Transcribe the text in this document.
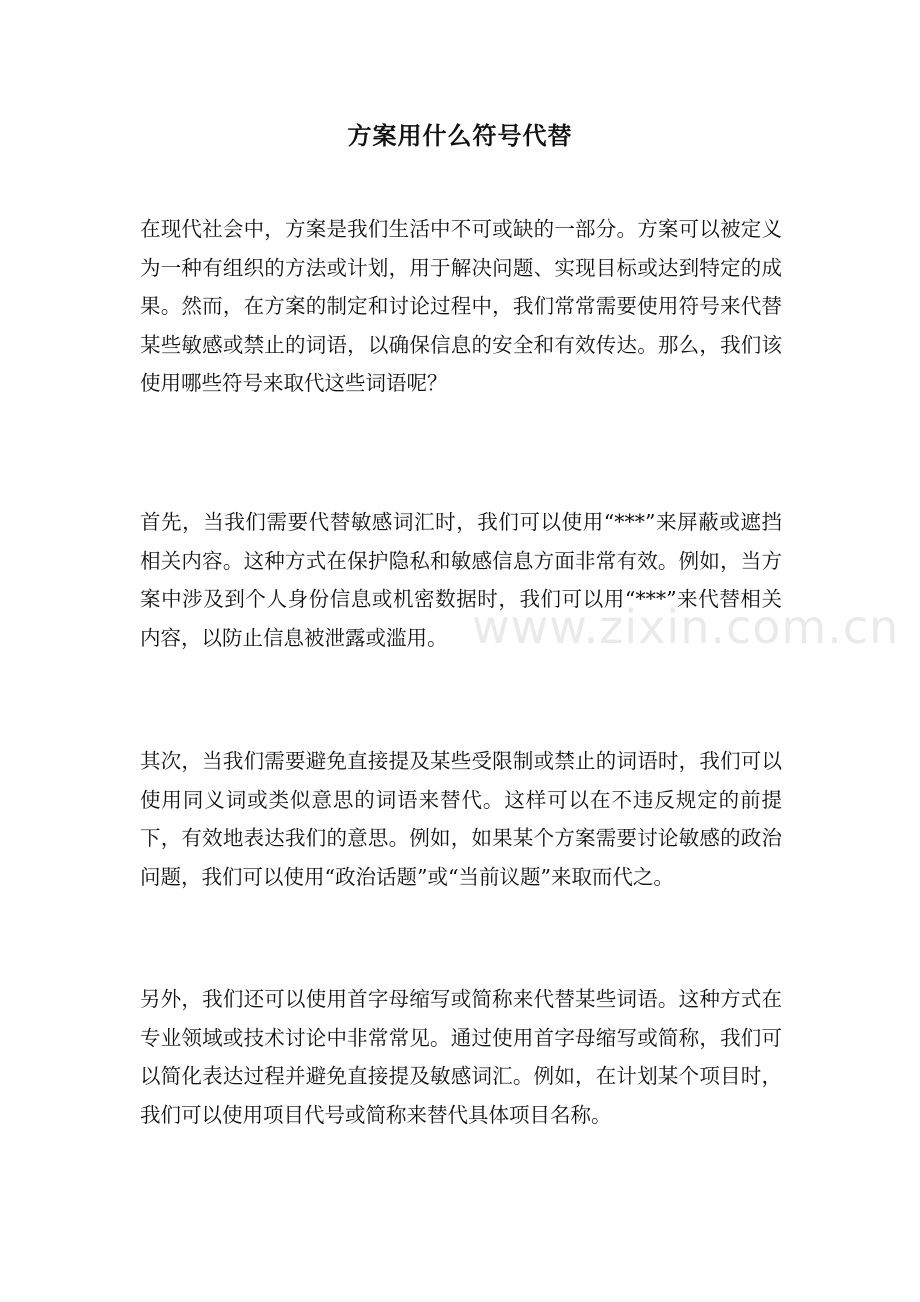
方案用什么符号代替

在现代社会中，方案是我们生活中不可或缺的一部分。方案可以被定义为一种有组织的方法或计划，用于解决问题、实现目标或达到特定的成果。然而，在方案的制定和讨论过程中，我们常常需要使用符号来代替某些敏感或禁止的词语，以确保信息的安全和有效传达。那么，我们该使用哪些符号来取代这些词语呢？

首先，当我们需要代替敏感词汇时，我们可以使用“***”来屏蔽或遮挡相关内容。这种方式在保护隐私和敏感信息方面非常有效。例如，当方案中涉及到个人身份信息或机密数据时，我们可以用“***”来代替相关内容，以防止信息被泄露或滥用。

其次，当我们需要避免直接提及某些受限制或禁止的词语时，我们可以使用同义词或类似意思的词语来替代。这样可以在不违反规定的前提下，有效地表达我们的意思。例如，如果某个方案需要讨论敏感的政治问题，我们可以使用“政治话题”或“当前议题”来取而代之。

另外，我们还可以使用首字母缩写或简称来代替某些词语。这种方式在专业领域或技术讨论中非常常见。通过使用首字母缩写或简称，我们可以简化表达过程并避免直接提及敏感词汇。例如，在计划某个项目时，我们可以使用项目代号或简称来替代具体项目名称。

www.zixin.com.cn
